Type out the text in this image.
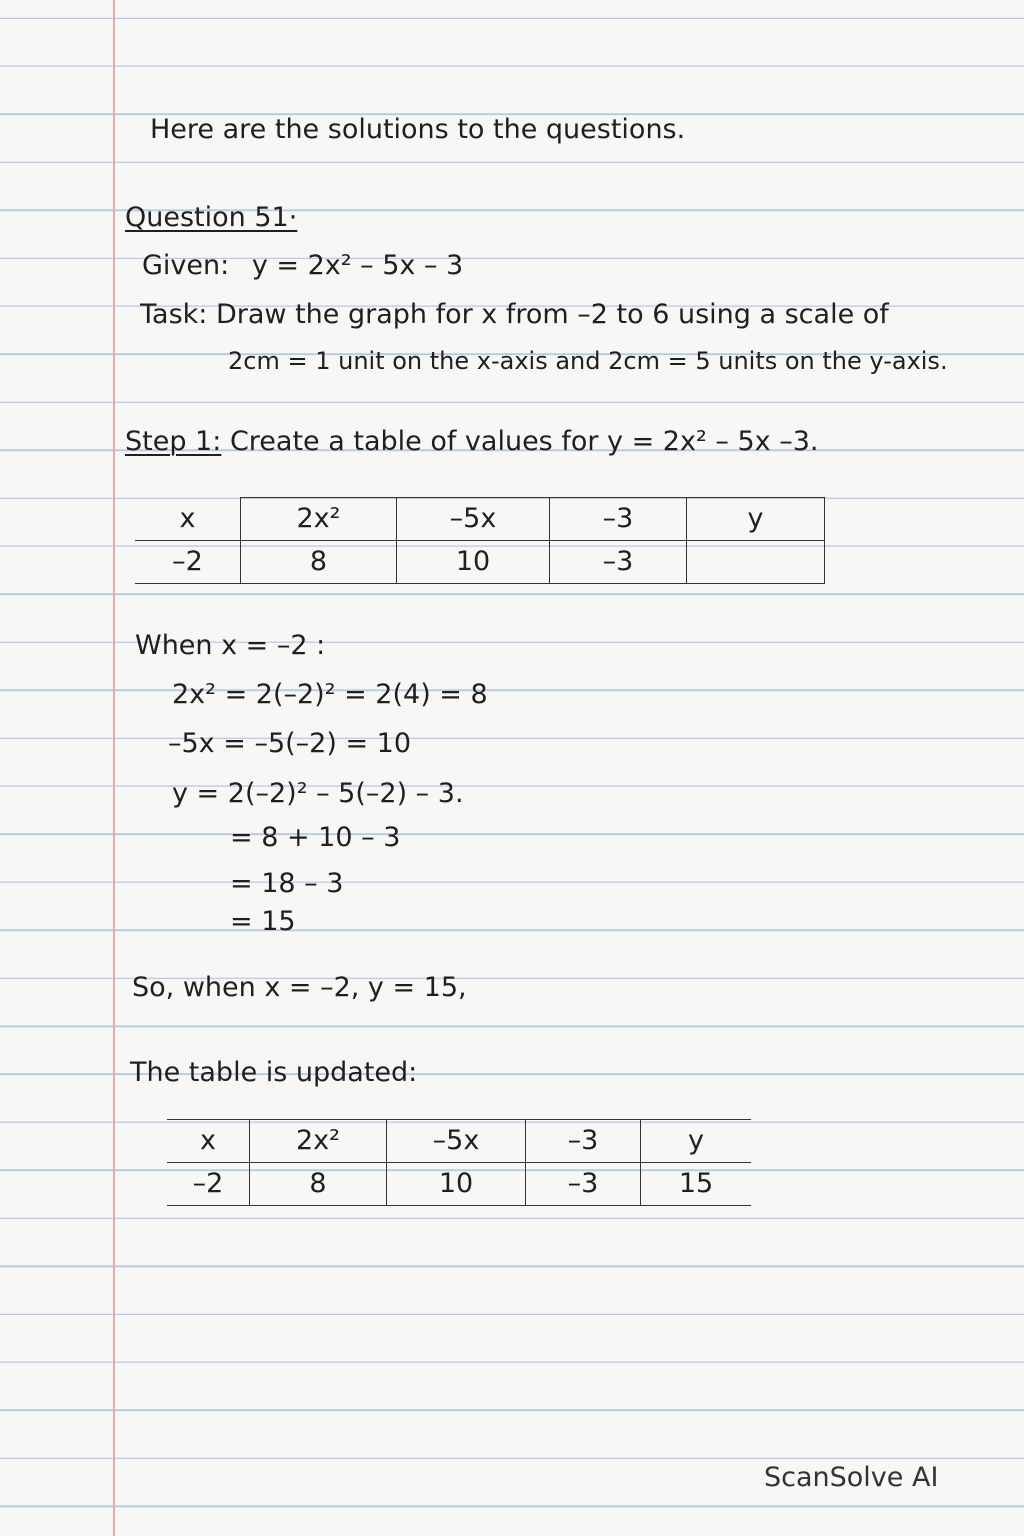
Here are the solutions to the questions.
Question 51·
Given: y = 2x² – 5x – 3
Task: Draw the graph for x from –2 to 6 using a scale of
2cm = 1 unit on the x-axis and 2cm = 5 units on the y-axis.
Step 1: Create a table of values for y = 2x² – 5x –3.
x	2x²	–5x	–3	y
–2	8	10	–3	
When x = –2 :
2x² = 2(–2)² = 2(4) = 8
–5x = –5(–2) = 10
y = 2(–2)² – 5(–2) – 3.
= 8 + 10 – 3
= 18 – 3
= 15
So, when x = –2, y = 15,
The table is updated:
x	2x²	–5x	–3	y
–2	8	10	–3	15
ScanSolve AI
